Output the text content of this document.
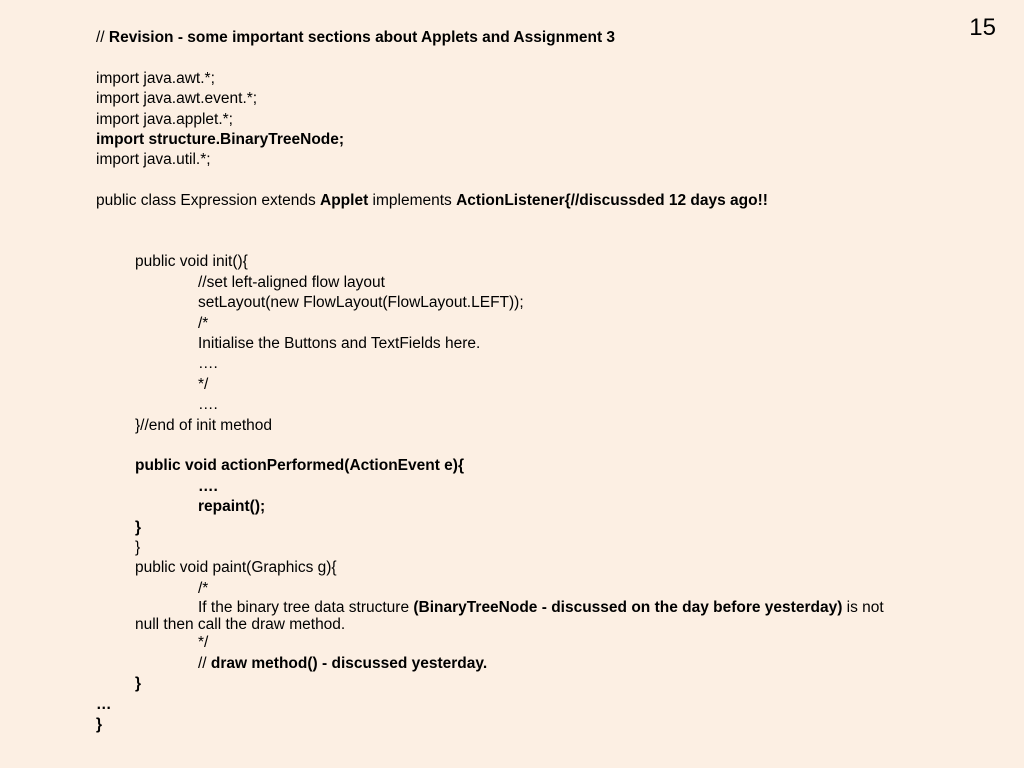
15
// Revision - some important sections about Applets and Assignment 3
import java.awt.*;
import java.awt.event.*;
import java.applet.*;
import structure.BinaryTreeNode;
import java.util.*;
public class Expression extends Applet implements ActionListener{//discussded 12 days ago!!
public void init(){
//set left-aligned flow layout
setLayout(new FlowLayout(FlowLayout.LEFT));
/*
Initialise the Buttons and TextFields here.
….
*/
….
}//end of init method
public void actionPerformed(ActionEvent e){
….
repaint();
}
}
public void paint(Graphics g){
/*
If the binary tree data structure (BinaryTreeNode - discussed on the day before yesterday) is not null then call the draw method.
*/
// draw method() - discussed yesterday.
}
…
}
